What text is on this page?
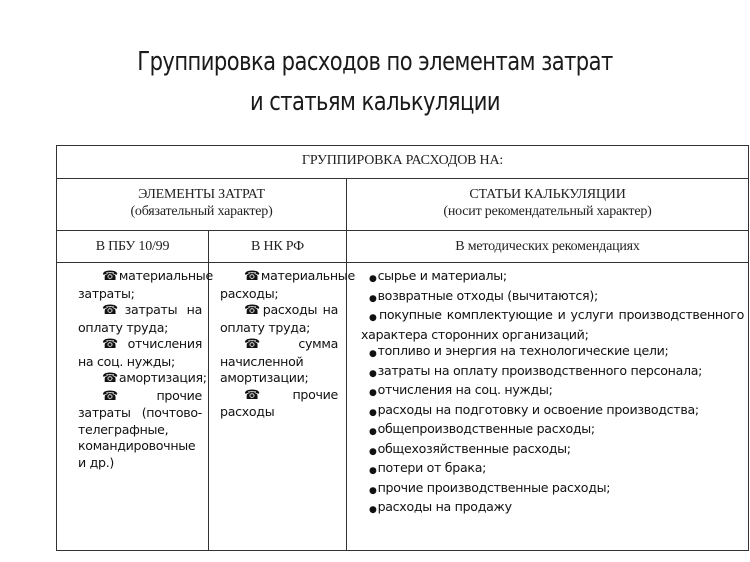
Группировка расходов по элементам затрат
и статьям калькуляции
ГРУППИРОВКА РАСХОДОВ НА:
ЭЛЕМЕНТЫ ЗАТРАТ
(обязательный характер)
СТАТЬИ КАЛЬКУЛЯЦИИ
(носит рекомендательный характер)
В ПБУ 10/99	В НК РФ	В методических рекомендациях
☎материальные затраты;
☎затраты на оплату труда;
☎отчисления на соц. нужды;
☎амортизация;
☎прочие затраты (почтово-телеграфные, командировочные и др.)
☎материальные расходы;
☎расходы на оплату труда;
☎сумма начисленной амортизации;
☎прочие расходы
●сырье и материалы;
●возвратные отходы (вычитаются);
●покупные комплектующие и услуги производственного характера сторонних организаций;
●топливо и энергия на технологические цели;
●затраты на оплату производственного персонала;
●отчисления на соц. нужды;
●расходы на подготовку и освоение производства;
●общепроизводственные расходы;
●общехозяйственные расходы;
●потери от брака;
●прочие производственные расходы;
●расходы на продажу
